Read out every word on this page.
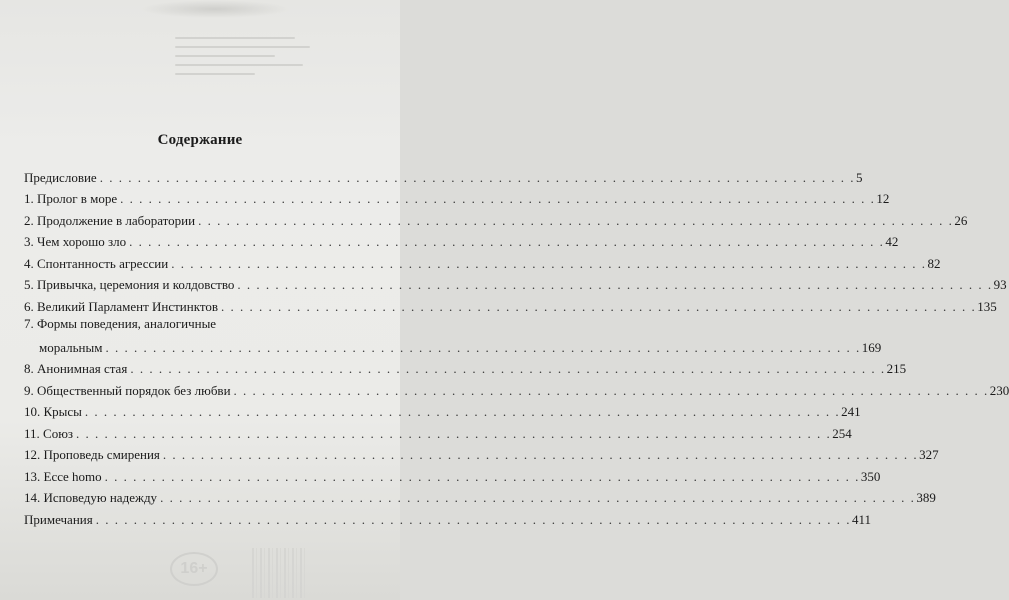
Содержание
Предисловие . . . . . . . . . . . . . . . . . . . . . . . . . . . . . . . . . . . . . . . . . . . . . . . . . . . . . . . . . . . . . . . . . . . . . . . . . . . . . . . . 5
1. Пролог в море . . . . . . . . . . . . . . . . . . . . . . . . . . . . . . . . . . . . . . . . . . . . . . . . . . . . . . . . . . . . . . . . . . . . . . . . . . . . . . . . 12
2. Продолжение в лаборатории . . . . . . . . . . . . . . . . . . . . . . . . . . . . . . . . . . . . . . . . . . . . . . . . . . . . . . . . . . . . . . . . . . . . . . . . . . . . . . . . 26
3. Чем хорошо зло . . . . . . . . . . . . . . . . . . . . . . . . . . . . . . . . . . . . . . . . . . . . . . . . . . . . . . . . . . . . . . . . . . . . . . . . . . . . . . . . 42
4. Спонтанность агрессии . . . . . . . . . . . . . . . . . . . . . . . . . . . . . . . . . . . . . . . . . . . . . . . . . . . . . . . . . . . . . . . . . . . . . . . . . . . . . . . . 82
5. Привычка, церемония и колдовство . . . . . . . . . . . . . . . . . . . . . . . . . . . . . . . . . . . . . . . . . . . . . . . . . . . . . . . . . . . . . . . . . . . . . . . . . . . . . . . . 93
6. Великий Парламент Инстинктов . . . . . . . . . . . . . . . . . . . . . . . . . . . . . . . . . . . . . . . . . . . . . . . . . . . . . . . . . . . . . . . . . . . . . . . . . . . . . . . . 135
7. Формы поведения, аналогичные
моральным . . . . . . . . . . . . . . . . . . . . . . . . . . . . . . . . . . . . . . . . . . . . . . . . . . . . . . . . . . . . . . . . . . . . . . . . . . . . . . . . 169
8. Анонимная стая . . . . . . . . . . . . . . . . . . . . . . . . . . . . . . . . . . . . . . . . . . . . . . . . . . . . . . . . . . . . . . . . . . . . . . . . . . . . . . . . 215
9. Общественный порядок без любви . . . . . . . . . . . . . . . . . . . . . . . . . . . . . . . . . . . . . . . . . . . . . . . . . . . . . . . . . . . . . . . . . . . . . . . . . . . . . . . . 230
10. Крысы . . . . . . . . . . . . . . . . . . . . . . . . . . . . . . . . . . . . . . . . . . . . . . . . . . . . . . . . . . . . . . . . . . . . . . . . . . . . . . . . 241
11. Союз . . . . . . . . . . . . . . . . . . . . . . . . . . . . . . . . . . . . . . . . . . . . . . . . . . . . . . . . . . . . . . . . . . . . . . . . . . . . . . . . 254
12. Проповедь смирения . . . . . . . . . . . . . . . . . . . . . . . . . . . . . . . . . . . . . . . . . . . . . . . . . . . . . . . . . . . . . . . . . . . . . . . . . . . . . . . . 327
13. Ecce homo . . . . . . . . . . . . . . . . . . . . . . . . . . . . . . . . . . . . . . . . . . . . . . . . . . . . . . . . . . . . . . . . . . . . . . . . . . . . . . . . 350
14. Исповедую надежду . . . . . . . . . . . . . . . . . . . . . . . . . . . . . . . . . . . . . . . . . . . . . . . . . . . . . . . . . . . . . . . . . . . . . . . . . . . . . . . . 389
Примечания . . . . . . . . . . . . . . . . . . . . . . . . . . . . . . . . . . . . . . . . . . . . . . . . . . . . . . . . . . . . . . . . . . . . . . . . . . . . . . . . 411
16+
